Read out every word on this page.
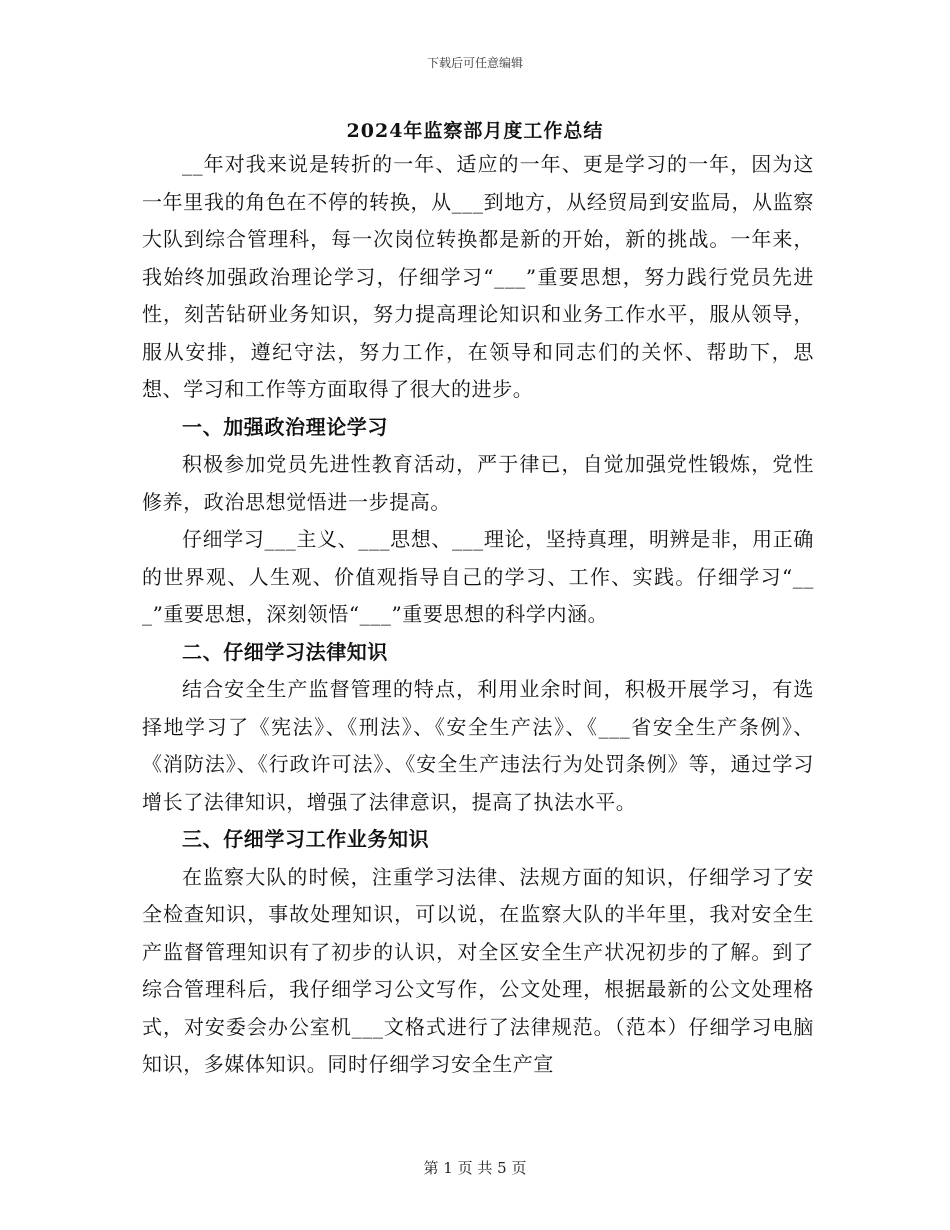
下载后可任意编辑
2024年监察部月度工作总结

__年对我来说是转折的一年、适应的一年、更是学习的一年，因为这一年里我的角色在不停的转换，从___到地方，从经贸局到安监局，从监察大队到综合管理科，每一次岗位转换都是新的开始，新的挑战。一年来，我始终加强政治理论学习，仔细学习“___”重要思想，努力践行党员先进性，刻苦钻研业务知识，努力提高理论知识和业务工作水平，服从领导，服从安排，遵纪守法，努力工作，在领导和同志们的关怀、帮助下，思想、学习和工作等方面取得了很大的进步。

一、加强政治理论学习

积极参加党员先进性教育活动，严于律已，自觉加强党性锻炼，党性修养，政治思想觉悟进一步提高。

仔细学习___主义、___思想、___理论，坚持真理，明辨是非，用正确的世界观、人生观、价值观指导自己的学习、工作、实践。仔细学习“___”重要思想，深刻领悟“___”重要思想的科学内涵。

二、仔细学习法律知识

结合安全生产监督管理的特点，利用业余时间，积极开展学习，有选择地学习了《宪法》、《刑法》、《安全生产法》、《___省安全生产条例》、《消防法》、《行政许可法》、《安全生产违法行为处罚条例》等，通过学习增长了法律知识，增强了法律意识，提高了执法水平。

三、仔细学习工作业务知识

在监察大队的时候，注重学习法律、法规方面的知识，仔细学习了安全检查知识，事故处理知识，可以说，在监察大队的半年里，我对安全生产监督管理知识有了初步的认识，对全区安全生产状况初步的了解。到了综合管理科后，我仔细学习公文写作，公文处理，根据最新的公文处理格式，对安委会办公室机___文格式进行了法律规范。（范本）仔细学习电脑知识，多媒体知识。同时仔细学习安全生产宣

第 1 页 共 5 页
